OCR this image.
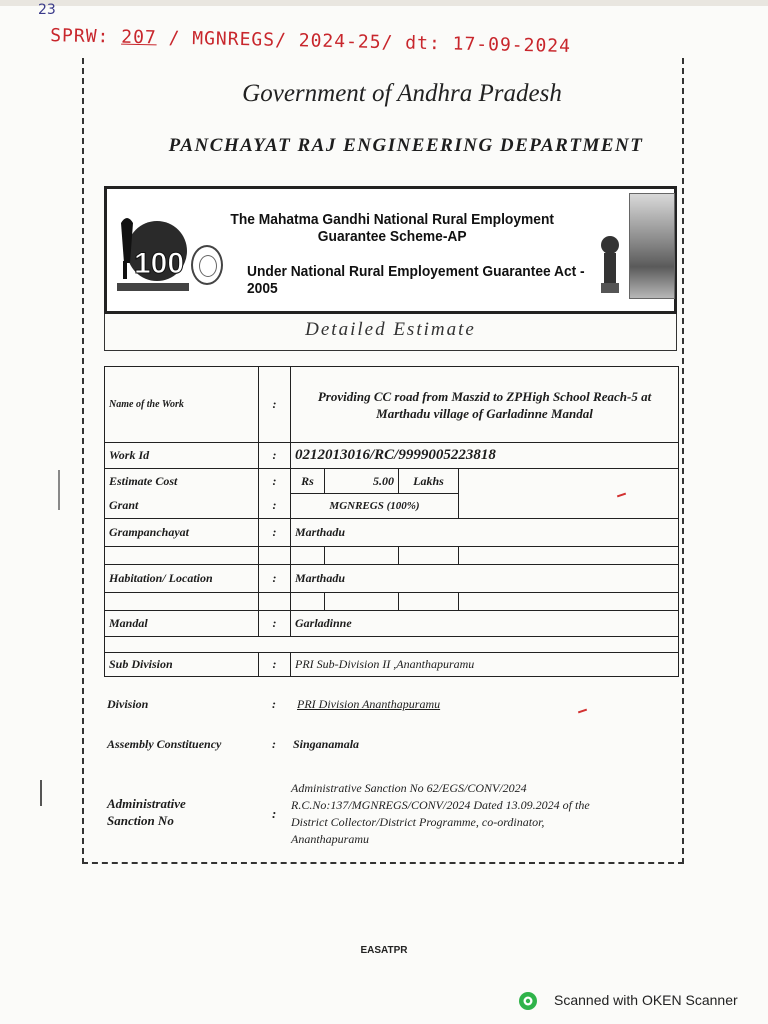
23
SPRW: 207 / MGNREGS/ 2024-25/ dt: 17-09-2024
Government of Andhra Pradesh
PANCHAYAT RAJ ENGINEERING DEPARTMENT
100
The Mahatma Gandhi National Rural Employment Guarantee Scheme-AP
Under National Rural Employement Guarantee Act - 2005
Detailed Estimate
Name of the Work	:	Providing CC road from Maszid to ZPHigh School Reach-5 at Marthadu village of Garladinne Mandal			
Work Id	:	0212013016/RC/9999005223818			
Estimate Cost	:	Rs	5.00	Lakhs	
Grant	:	MGNREGS (100%)			
Grampanchayat	:	Marthadu			

Habitation/ Location	:	Marthadu			

Mandal	:	Garladinne			

Sub Division	:	PRI Sub-Division II ,Ananthapuramu			
Division	: PRI Division Ananthapuramu
Assembly Constituency	: Singanamala
Administrative
Sanction No	:
Administrative Sanction No 62/EGS/CONV/2024
R.C.No:137/MGNREGS/CONV/2024 Dated 13.09.2024 of the
District Collector/District Programme, co-ordinator,
Ananthapuramu
EASATPR
Scanned with OKEN Scanner
